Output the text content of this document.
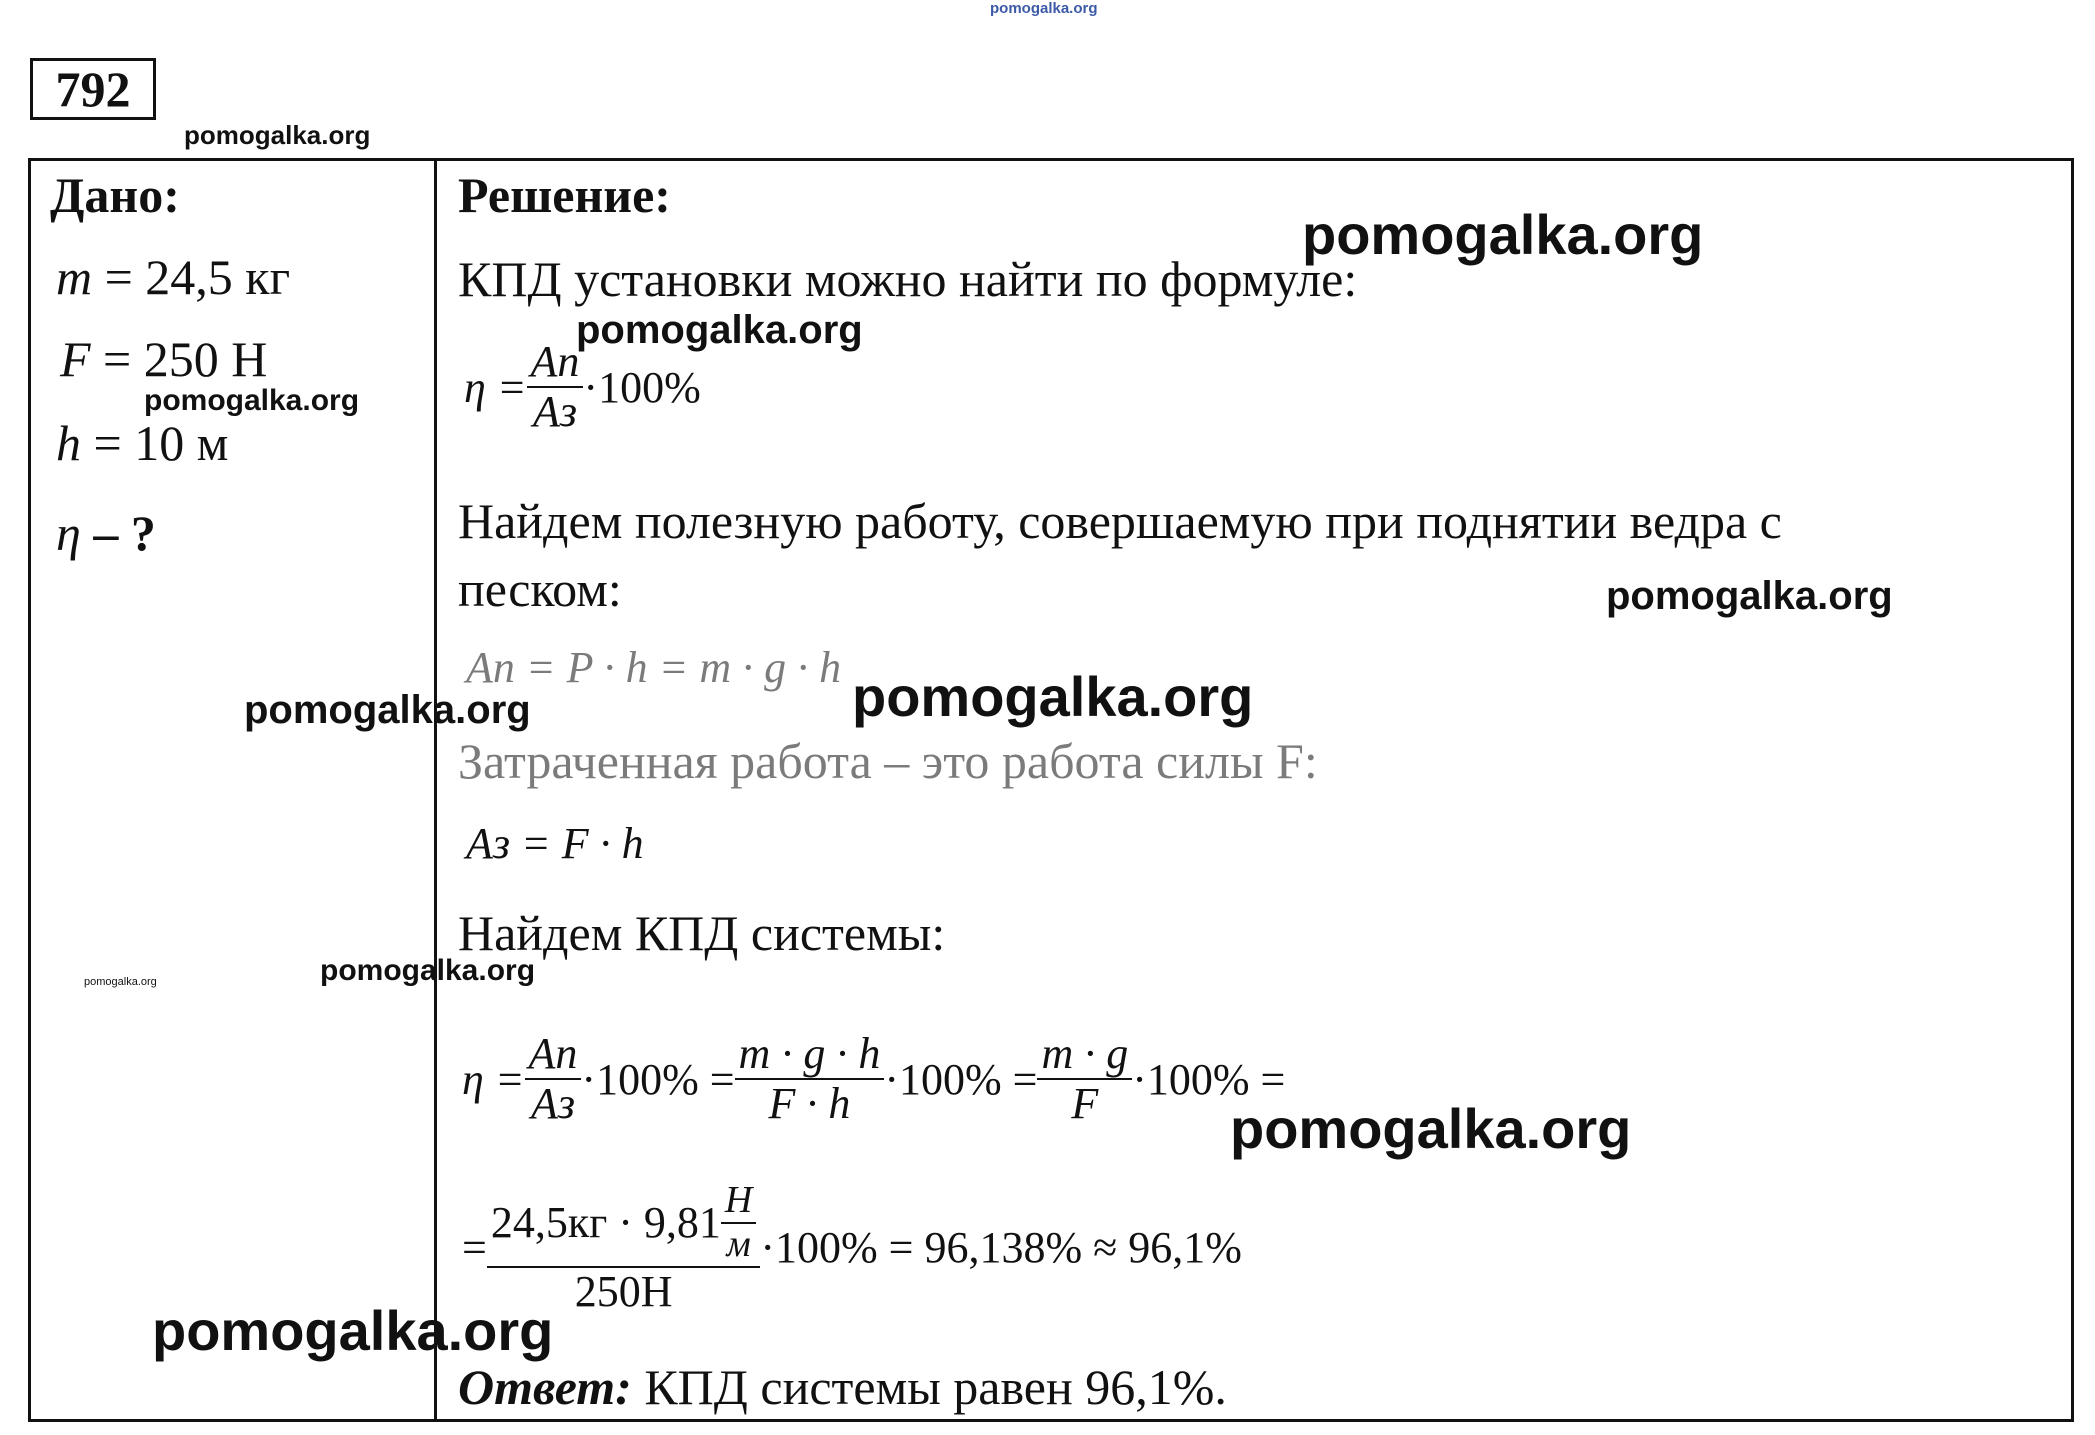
pomogalka.org
792
pomogalka.org
Дано:
m = 24,5 кг
F = 250 Н
h = 10 м
η – ?
Решение:
КПД установки можно найти по формуле:
$\eta = \frac{Aп}{Aз} \cdot 100\%$
Найдем полезную работу, совершаемую при поднятии ведра с
песком:
Aп = P · h = m · g · h
Затраченная работа – это работа силы F:
Aз = F · h
Найдем КПД системы:
$\eta = \frac{Aп}{Aз} \cdot 100\% = \frac{m \cdot g \cdot h}{F \cdot h} \cdot 100\% = \frac{m \cdot g}{F} \cdot 100\%$ =
= $\frac{24,5кг \cdot 9,81 \frac{Н}{м}}{250Н} \cdot 100\% = 96,138\% \approx 96,1\%$
Ответ: КПД системы равен 96,1%.
pomogalka.org
pomogalka.org
pomogalka.org
pomogalka.org
pomogalka.org
pomogalka.org
pomogalka.org	pomogalka.org
pomogalka.org
pomogalka.org
